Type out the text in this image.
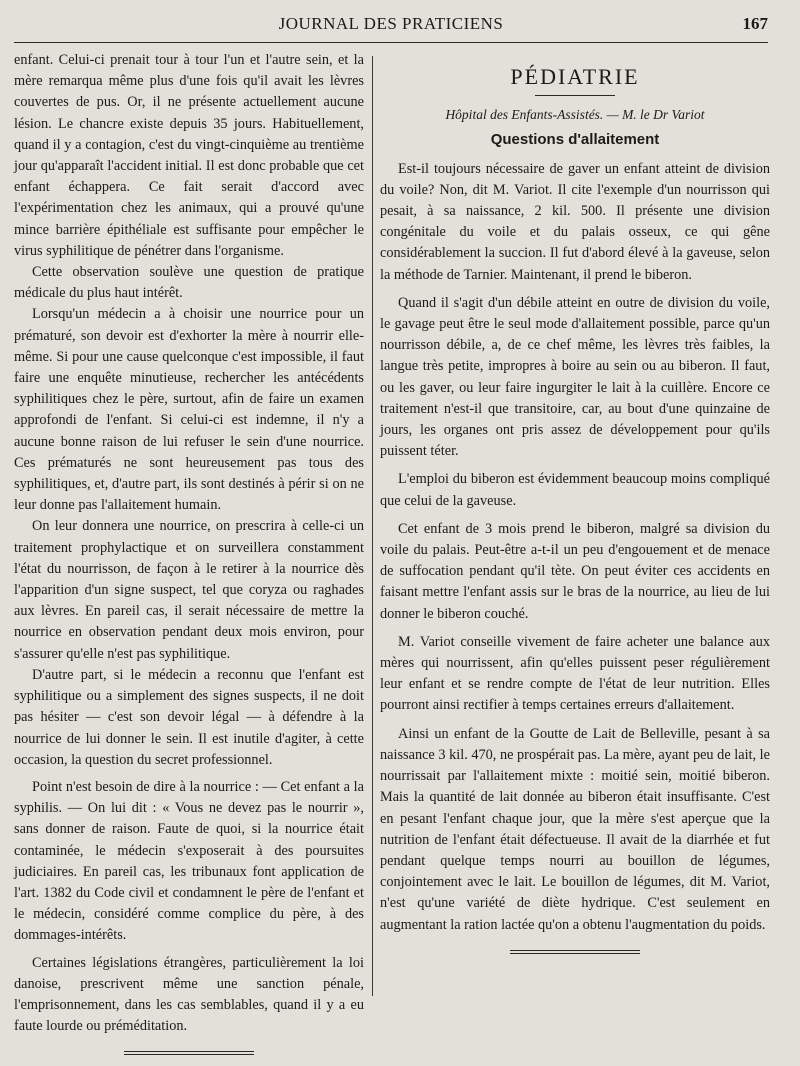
JOURNAL DES PRATICIENS	167

enfant. Celui-ci prenait tour à tour l'un et l'autre sein, et la mère remarqua même plus d'une fois qu'il avait les lèvres couvertes de pus. Or, il ne présente actuellement aucune lésion. Le chancre existe depuis 35 jours. Habituellement, quand il y a contagion, c'est du vingt-cinquième au trentième jour qu'apparaît l'accident initial. Il est donc probable que cet enfant échappera. Ce fait serait d'accord avec l'expérimentation chez les animaux, qui a prouvé qu'une mince barrière épithéliale est suffisante pour empêcher le virus syphilitique de pénétrer dans l'organisme.

Cette observation soulève une question de pratique médicale du plus haut intérêt.

Lorsqu'un médecin a à choisir une nourrice pour un prématuré, son devoir est d'exhorter la mère à nourrir elle-même. Si pour une cause quelconque c'est impossible, il faut faire une enquête minutieuse, rechercher les antécédents syphilitiques chez le père, surtout, afin de faire un examen approfondi de l'enfant. Si celui-ci est indemne, il n'y a aucune bonne raison de lui refuser le sein d'une nourrice. Ces prématurés ne sont heureusement pas tous des syphilitiques, et, d'autre part, ils sont destinés à périr si on ne leur donne pas l'allaitement humain.

On leur donnera une nourrice, on prescrira à celle-ci un traitement prophylactique et on surveillera constamment l'état du nourrisson, de façon à le retirer à la nourrice dès l'apparition d'un signe suspect, tel que coryza ou raghades aux lèvres. En pareil cas, il serait nécessaire de mettre la nourrice en observation pendant deux mois environ, pour s'assurer qu'elle n'est pas syphilitique.

D'autre part, si le médecin a reconnu que l'enfant est syphilitique ou a simplement des signes suspects, il ne doit pas hésiter — c'est son devoir légal — à défendre à la nourrice de lui donner le sein. Il est inutile d'agiter, à cette occasion, la question du secret professionnel.

Point n'est besoin de dire à la nourrice : — Cet enfant a la syphilis. — On lui dit : « Vous ne devez pas le nourrir », sans donner de raison. Faute de quoi, si la nourrice était contaminée, le médecin s'exposerait à des poursuites judiciaires. En pareil cas, les tribunaux font application de l'art. 1382 du Code civil et condamnent le père de l'enfant et le médecin, considéré comme complice du père, à des dommages-intérêts.

Certaines législations étrangères, particulièrement la loi danoise, prescrivent même une sanction pénale, l'emprisonnement, dans les cas semblables, quand il y a eu faute lourde ou préméditation.

PÉDIATRIE
Hôpital des Enfants-Assistés. — M. le Dr Variot
Questions d'allaitement

Est-il toujours nécessaire de gaver un enfant atteint de division du voile? Non, dit M. Variot. Il cite l'exemple d'un nourrisson qui pesait, à sa naissance, 2 kil. 500. Il présente une division congénitale du voile et du palais osseux, ce qui gêne considérablement la succion. Il fut d'abord élevé à la gaveuse, selon la méthode de Tarnier. Maintenant, il prend le biberon.

Quand il s'agit d'un débile atteint en outre de division du voile, le gavage peut être le seul mode d'allaitement possible, parce qu'un nourrisson débile, a, de ce chef même, les lèvres très faibles, la langue très petite, impropres à boire au sein ou au biberon. Il faut, ou les gaver, ou leur faire ingurgiter le lait à la cuillère. Encore ce traitement n'est-il que transitoire, car, au bout d'une quinzaine de jours, les organes ont pris assez de développement pour qu'ils puissent téter.

L'emploi du biberon est évidemment beaucoup moins compliqué que celui de la gaveuse.

Cet enfant de 3 mois prend le biberon, malgré sa division du voile du palais. Peut-être a-t-il un peu d'engouement et de menace de suffocation pendant qu'il tète. On peut éviter ces accidents en faisant mettre l'enfant assis sur le bras de la nourrice, au lieu de lui donner le biberon couché.

M. Variot conseille vivement de faire acheter une balance aux mères qui nourrissent, afin qu'elles puissent peser régulièrement leur enfant et se rendre compte de l'état de leur nutrition. Elles pourront ainsi rectifier à temps certaines erreurs d'allaitement.

Ainsi un enfant de la Goutte de Lait de Belleville, pesant à sa naissance 3 kil. 470, ne prospérait pas. La mère, ayant peu de lait, le nourrissait par l'allaitement mixte : moitié sein, moitié biberon. Mais la quantité de lait donnée au biberon était insuffisante. C'est en pesant l'enfant chaque jour, que la mère s'est aperçue que la nutrition de l'enfant était défectueuse. Il avait de la diarrhée et fut pendant quelque temps nourri au bouillon de légumes, conjointement avec le lait. Le bouillon de légumes, dit M. Variot, n'est qu'une variété de diète hydrique. C'est seulement en augmentant la ration lactée qu'on a obtenu l'augmentation du poids.
